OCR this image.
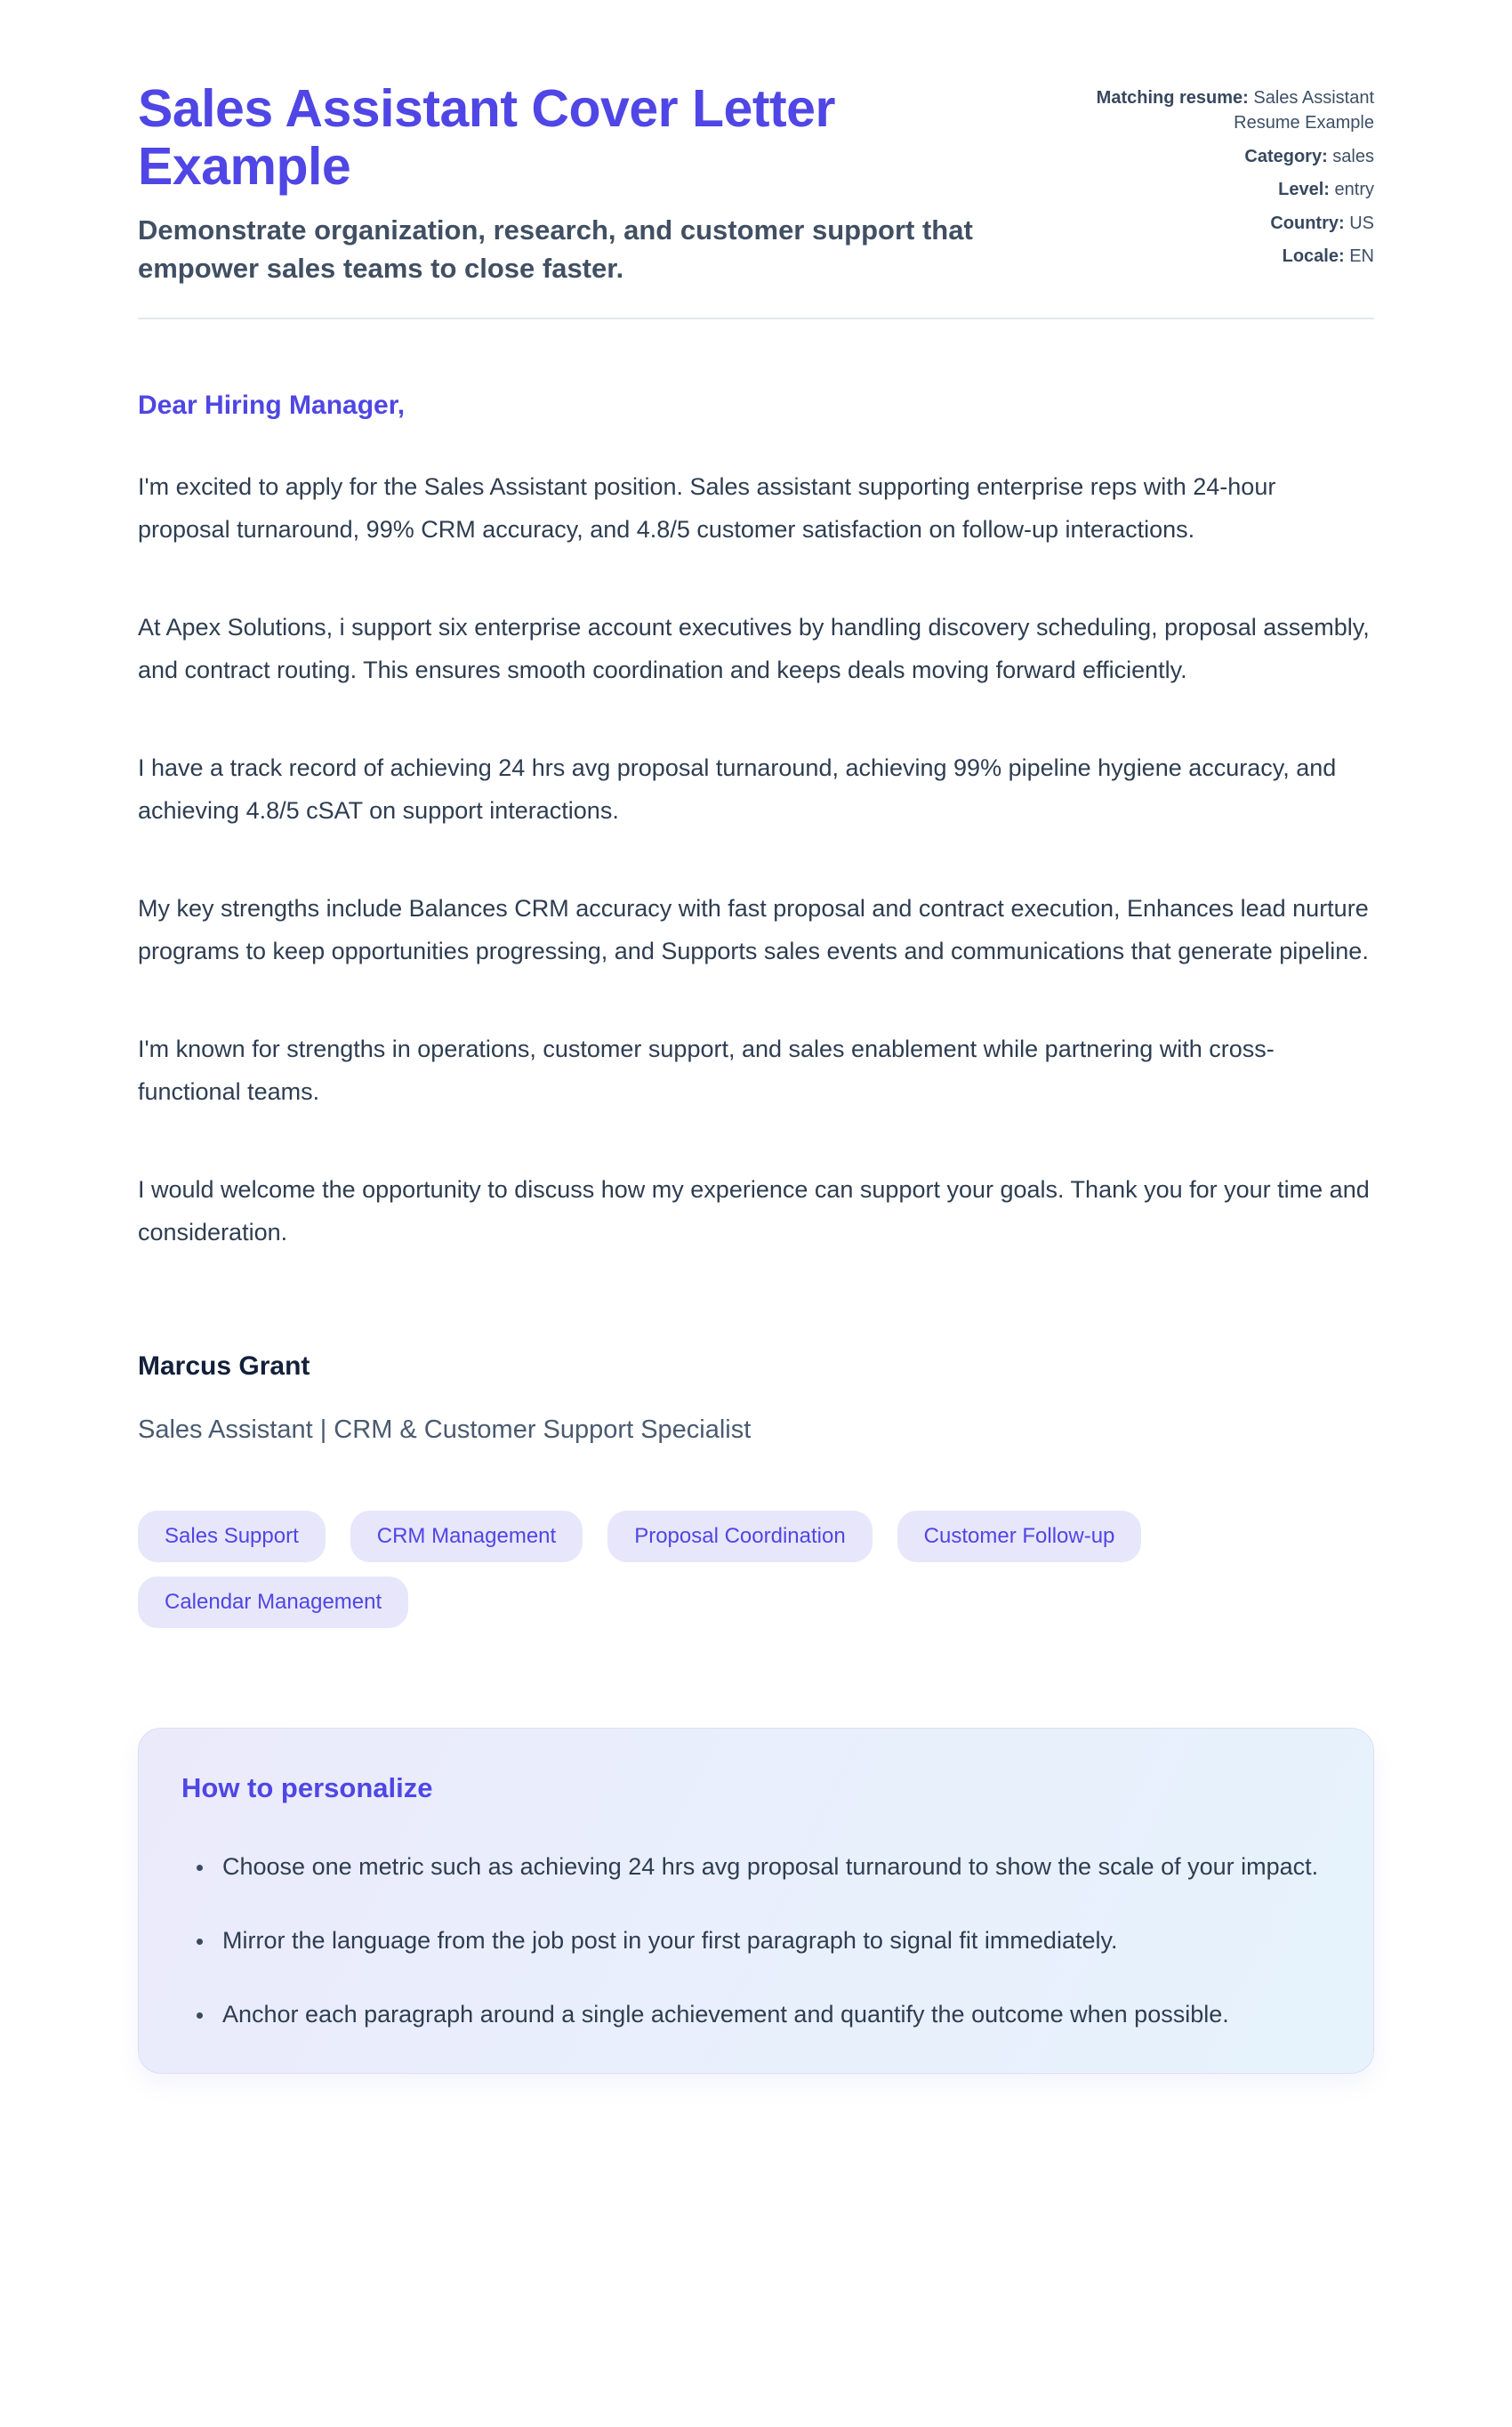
Sales Assistant Cover Letter Example

Demonstrate organization, research, and customer support that empower sales teams to close faster.

Matching resume: Sales Assistant Resume Example
Category: sales
Level: entry
Country: US
Locale: EN

Dear Hiring Manager,

I'm excited to apply for the Sales Assistant position. Sales assistant supporting enterprise reps with 24-hour proposal turnaround, 99% CRM accuracy, and 4.8/5 customer satisfaction on follow-up interactions.

At Apex Solutions, i support six enterprise account executives by handling discovery scheduling, proposal assembly, and contract routing. This ensures smooth coordination and keeps deals moving forward efficiently.

I have a track record of achieving 24 hrs avg proposal turnaround, achieving 99% pipeline hygiene accuracy, and achieving 4.8/5 cSAT on support interactions.

My key strengths include Balances CRM accuracy with fast proposal and contract execution, Enhances lead nurture programs to keep opportunities progressing, and Supports sales events and communications that generate pipeline.

I'm known for strengths in operations, customer support, and sales enablement while partnering with cross-functional teams.

I would welcome the opportunity to discuss how my experience can support your goals. Thank you for your time and consideration.

Marcus Grant

Sales Assistant | CRM & Customer Support Specialist

Sales Support	CRM Management	Proposal Coordination	Customer Follow-up
Calendar Management
How to personalize
• Choose one metric such as achieving 24 hrs avg proposal turnaround to show the scale of your impact.
• Mirror the language from the job post in your first paragraph to signal fit immediately.
• Anchor each paragraph around a single achievement and quantify the outcome when possible.
